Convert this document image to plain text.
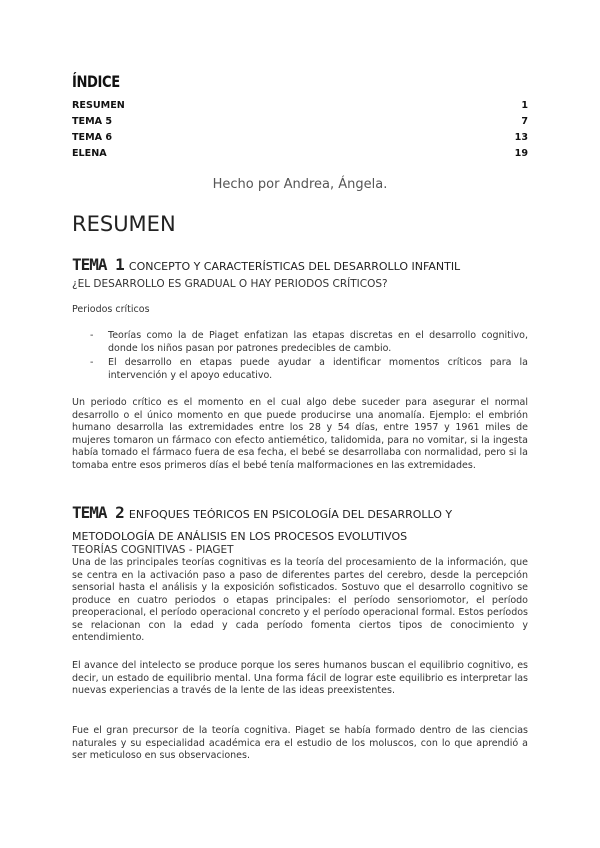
ÍNDICE
RESUMEN	1
TEMA 5	7
TEMA 6	13
ELENA	19
Hecho por Andrea, Ángela.
RESUMEN
TEMA 1 CONCEPTO Y CARACTERÍSTICAS DEL DESARROLLO INFANTIL
¿EL DESARROLLO ES GRADUAL O HAY PERIODOS CRÍTICOS?
Periodos críticos
-	Teorías como la de Piaget enfatizan las etapas discretas en el desarrollo cognitivo, donde los niños pasan por patrones predecibles de cambio.
-	El desarrollo en etapas puede ayudar a identificar momentos críticos para la intervención y el apoyo educativo.
Un periodo crítico es el momento en el cual algo debe suceder para asegurar el normal desarrollo o el único momento en que puede producirse una anomalía. Ejemplo: el embrión humano desarrolla las extremidades entre los 28 y 54 días, entre 1957 y 1961 miles de mujeres tomaron un fármaco con efecto antiemético, talidomida, para no vomitar, si la ingesta había tomado el fármaco fuera de esa fecha, el bebé se desarrollaba con normalidad, pero si la tomaba entre esos primeros días el bebé tenía malformaciones en las extremidades.
TEMA 2 ENFOQUES TEÓRICOS EN PSICOLOGÍA DEL DESARROLLO Y METODOLOGÍA DE ANÁLISIS EN LOS PROCESOS EVOLUTIVOS
TEORÍAS COGNITIVAS - PIAGET
Una de las principales teorías cognitivas es la teoría del procesamiento de la información, que se centra en la activación paso a paso de diferentes partes del cerebro, desde la percepción sensorial hasta el análisis y la exposición sofisticados. Sostuvo que el desarrollo cognitivo se produce en cuatro periodos o etapas principales: el período sensoriomotor, el período preoperacional, el período operacional concreto y el período operacional formal. Estos períodos se relacionan con la edad y cada período fomenta ciertos tipos de conocimiento y entendimiento.
El avance del intelecto se produce porque los seres humanos buscan el equilibrio cognitivo, es decir, un estado de equilibrio mental. Una forma fácil de lograr este equilibrio es interpretar las nuevas experiencias a través de la lente de las ideas preexistentes.
Fue el gran precursor de la teoría cognitiva. Piaget se había formado dentro de las ciencias naturales y su especialidad académica era el estudio de los moluscos, con lo que aprendió a ser meticuloso en sus observaciones.
